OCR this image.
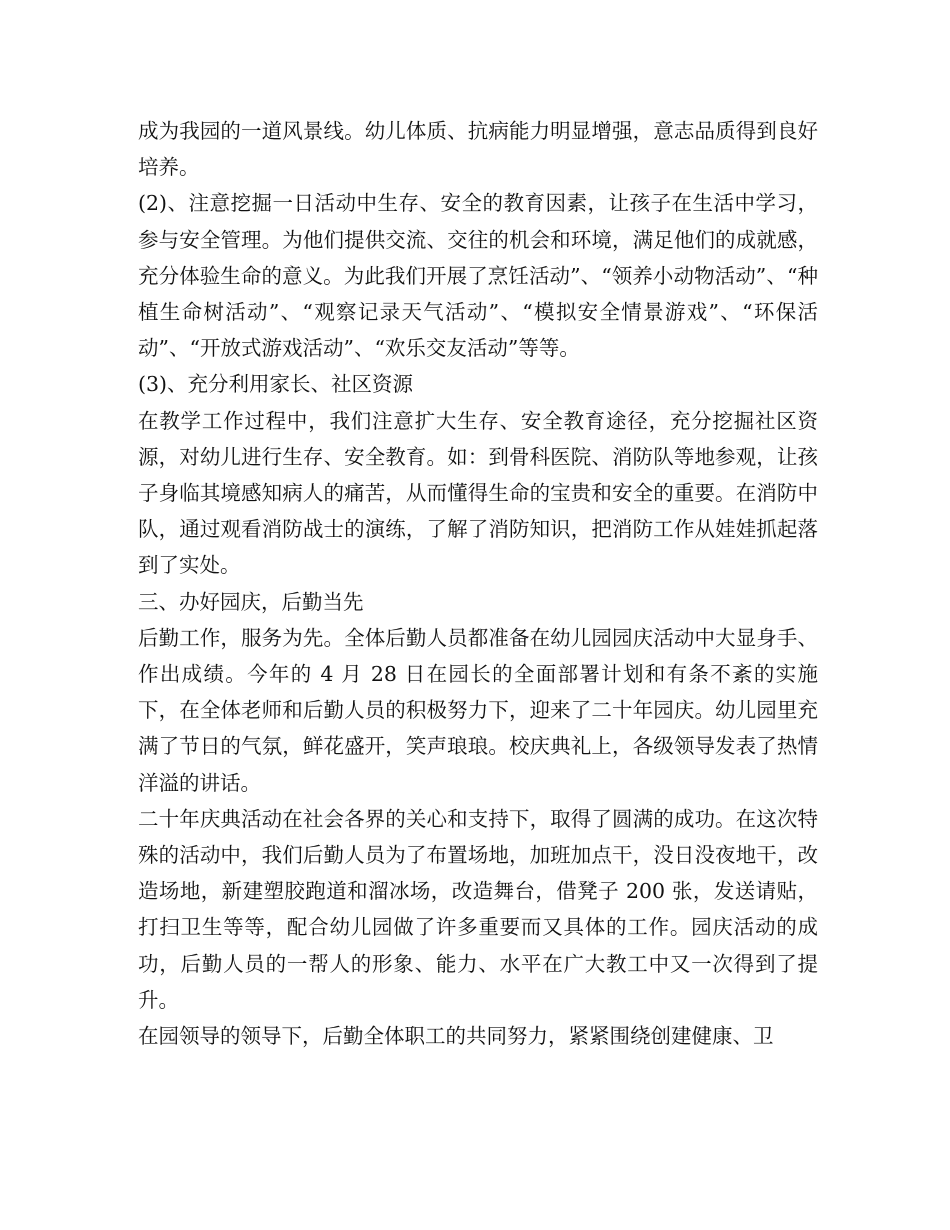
成为我园的一道风景线。幼儿体质、抗病能力明显增强，意志品质得到良好培养。

(2)、注意挖掘一日活动中生存、安全的教育因素，让孩子在生活中学习，参与安全管理。为他们提供交流、交往的机会和环境，满足他们的成就感，充分体验生命的意义。为此我们开展了烹饪活动”、“领养小动物活动”、“种植生命树活动”、“观察记录天气活动”、“模拟安全情景游戏”、“环保活动”、“开放式游戏活动”、“欢乐交友活动”等等。

(3)、充分利用家长、社区资源

在教学工作过程中，我们注意扩大生存、安全教育途径，充分挖掘社区资源，对幼儿进行生存、安全教育。如：到骨科医院、消防队等地参观，让孩子身临其境感知病人的痛苦，从而懂得生命的宝贵和安全的重要。在消防中队，通过观看消防战士的演练，了解了消防知识，把消防工作从娃娃抓起落到了实处。

三、办好园庆，后勤当先

后勤工作，服务为先。全体后勤人员都准备在幼儿园园庆活动中大显身手、作出成绩。今年的 4 月 28 日在园长的全面部署计划和有条不紊的实施下，在全体老师和后勤人员的积极努力下，迎来了二十年园庆。幼儿园里充满了节日的气氛，鲜花盛开，笑声琅琅。校庆典礼上，各级领导发表了热情洋溢的讲话。

二十年庆典活动在社会各界的关心和支持下，取得了圆满的成功。在这次特殊的活动中，我们后勤人员为了布置场地，加班加点干，没日没夜地干，改造场地，新建塑胶跑道和溜冰场，改造舞台，借凳子 200 张，发送请贴，打扫卫生等等，配合幼儿园做了许多重要而又具体的工作。园庆活动的成功，后勤人员的一帮人的形象、能力、水平在广大教工中又一次得到了提升。

在园领导的领导下，后勤全体职工的共同努力，紧紧围绕创建健康、卫
